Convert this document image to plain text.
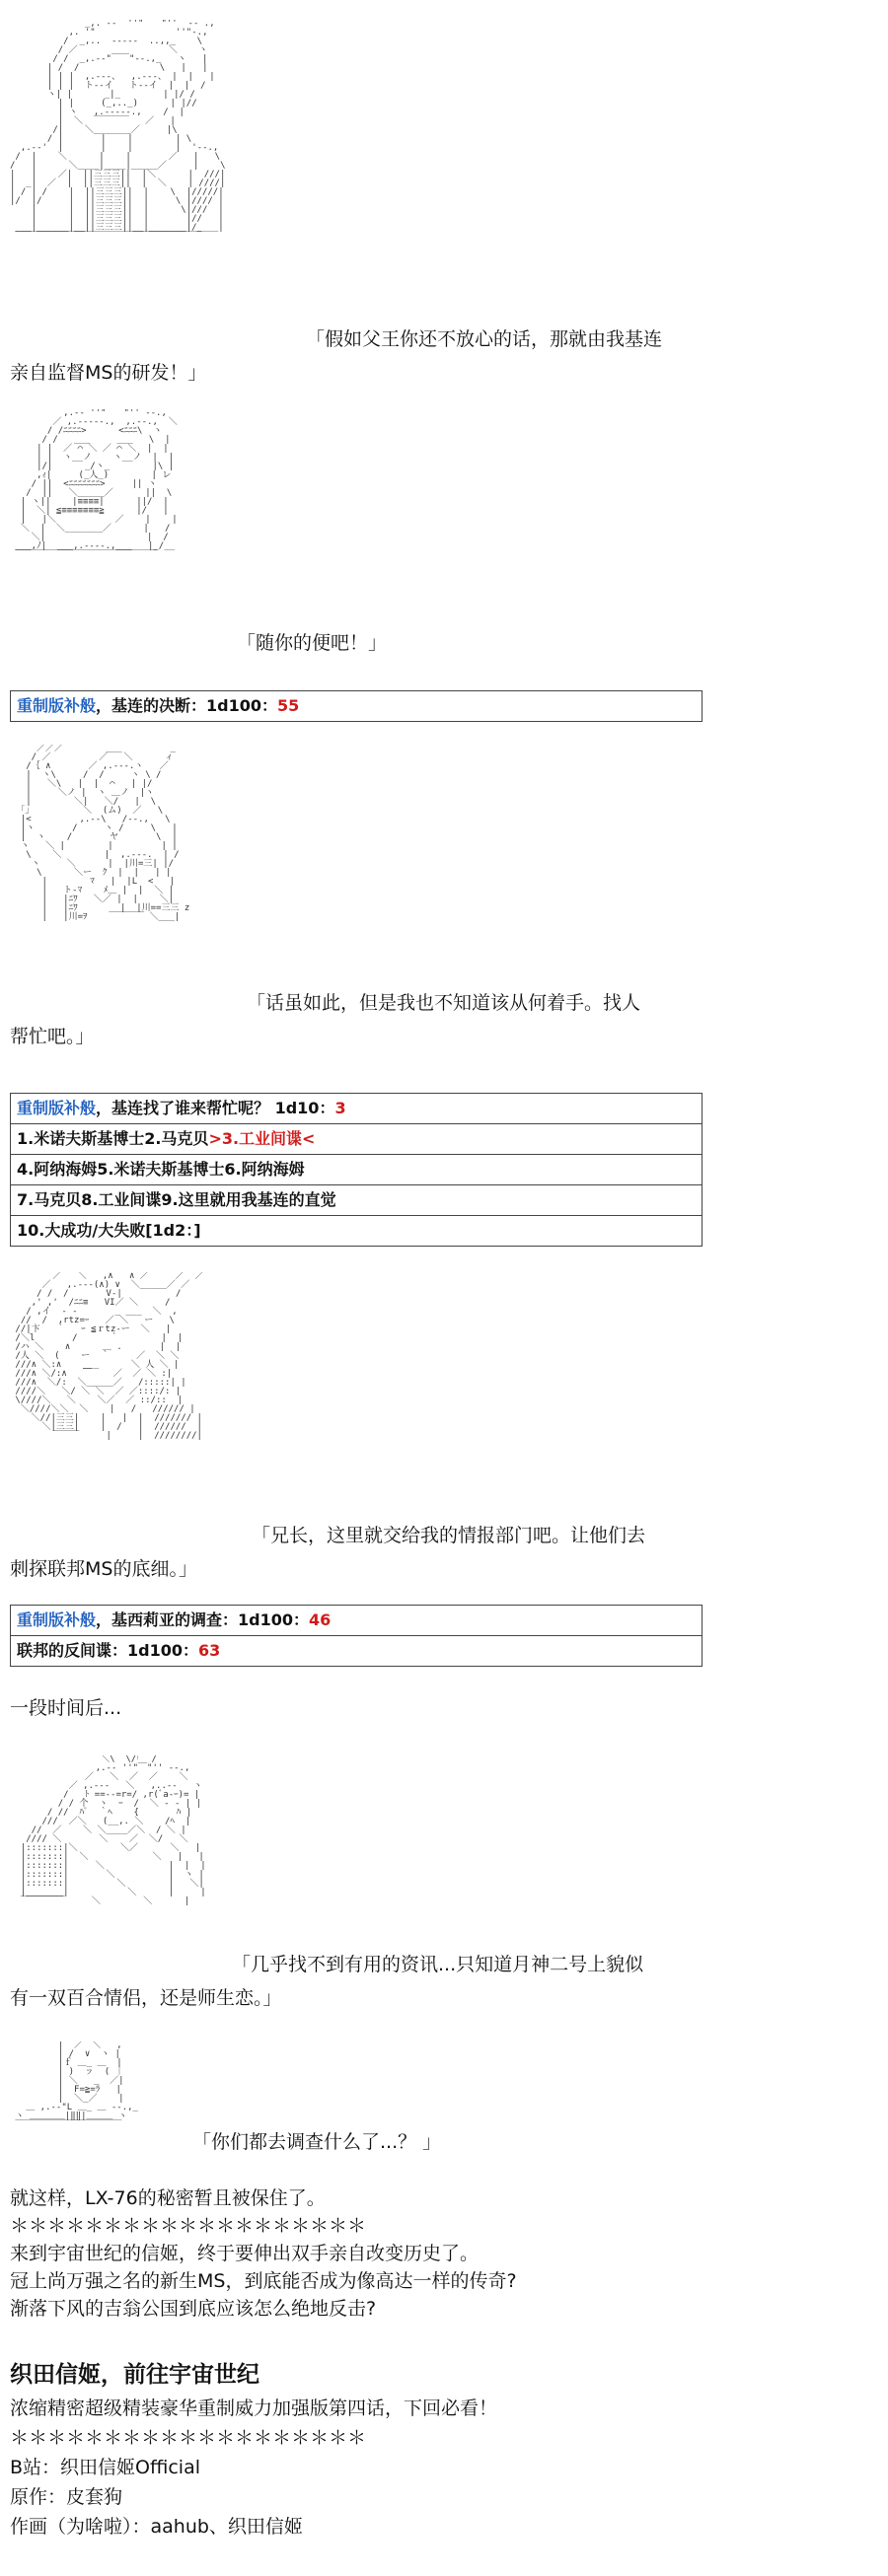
_,. -‐  ''"￣￣"''  ‐- .,
,. '"               ''"-.,
/  _,..  -‐‐‐-  ..,,_    \
/ ／                 ＼    ヽ
/ /  _,.-‐"￣￣"‐-.,_   ヽ   |
| /  /               \   |   |
| | |  ,.-‐-、  ,.-‐-、 |  |   |
| | |  ト--イ   ト--イ  |  |  /
ヽ| |      _|_        | |/ /
| |     (_,.._)      | |//
| ヽ   ,.-‐‐‐-.,    /  |
|  ＼  ￣￣￣￣   ／   |
/|    ＼_______／     |\
/ |       |    |        | \
,.-‐'  |       |    |        |  '‐-.,
/  |    ＼      |    |       ／   |   \
/   |      ＼____|____|_____／     |    \
|   |    ／|  ||三三三||  |＼      |  ///|
|  _|  ／  |  ||三三三||  |  ＼    | ////|
| / | /    |  ||三三三||  |    \  |/////|
|/  |/     |  ||三三三||  |     \ |//// |
|      |  ||三三三||  |      \|///  |
|      |  ||三三三||  |       |//   |
___|______|__||三三三||__|_______|/____|
￣￣￣￣￣￣￣￣￣￣￣￣￣￣￣￣￣￣￣￣￣

「假如父王你还不放心的话，那就由我基连
亲自监督MS的研发！」
,.-‐ ''"￣￣"'' ‐-.,
／ ,.-‐‐‐-.,  ,.-‐.,  ＼
/ /ﾆﾆﾆﾆ>      <ﾆﾆﾆ\  ヽ
/ /   ___     ___   \  |
| |  ／ ⌒ ＼ ／ ⌒ ＼  |  |
| |  ヽ__ノ    ヽ__ノ  |  |
|/|      _/ヽ_        |\ |
,ｨ|     (_人_)        | レ
/ ||  <ﾆﾆﾆﾆﾆﾆﾆ>     || ヽ
/  ||   ＼_____／      ||  \
| ヽ||    |≡≡≡≡|      ||/  |
|  ＼| ≦≡≡≡≡≡≡≡≧      |/   |
|   |＼           ／    |    |
＼  |  ＼_______／      |   /
＼|                   |  /
___,ﾉ|  ___,.-‐‐-.,___   |_/__
￣￣￣￣￣￣￣￣￣￣￣￣￣￣￣￣

「随你的便吧！」
重制版补般，基连的决断：1d100：55
／／／        ___         _
/ ／         ／   ＼      ィ
/｛ ∧       ／ ,.-‐-.ヽ   ／
|  ヽ\     /  /     ヽ \ /
|   ＼\   |  |  ⌒   | |/
|     ＼ノ |  ヽ ＿ノ  |ヽ
|        ＼|   ＼/   |  \
｢｣          ＼  (ム)  ／   \
|<         ,.-‐\   /‐-.,   \
|ヽ       /     ヽ /     \   |
|  ヽ    /       ヤ       \  |
ヽ   ＼ |        |         | |
\    ＼        |  ,.-‐-.  | /
ヽ     ＼      |  |川=三| |/
\      ＼ー  ｸ  |  |   | |
|        ﾏ   |  |L  <   |
|   ト‐ﾏ    ﾒ＿ |  |  ＼ |
|   |ﾆﾜ   ＼／ |  |    ＼|
|   |ﾆﾜ        |  |川==三三 z
|   |川=ｦ    ￣￣￣￣ ＼___|

「话虽如此，但是我也不知道该从何着手。找人
帮忙吧。」
重制版补般，基连找了谁来帮忙呢？ 1d10：3
1.米诺夫斯基博士2.马克贝>3.工业间谍<
4.阿纳海姆5.米诺夫斯基博士6.阿纳海姆
7.马克贝8.工业间谍9.这里就用我基连的直觉
10.大成功/大失败[1d2：]
／   ＼   ,∧   ∧ ／￣￣￣／  ／
／   ,.-‐-(∧) ∨  ＼_____／ ／
/ /  /       V-|          /
,' ,'  /ﾆﾆ≡   VI／ ＼     /
/ ,イ  - -       _ ___  ＼  ,
//  /  ,rtz=ｰ   ／ ＼   ー   \
//|卞   ｀   ｰ ≦ｒtz-ー  ＼   |
/＼l       /      ｀        |  |
/ハ ＼    ∧      ＿ .       |  |
/人 ＼  (    ー  ｀     ／  ＼ ＼
///∧ ＼:∧    ___      ＼ 人 ＼ |
///∧ ＼/:∧   ￣    ／  ／ ＼ :|
///∧  ＼/:  ＼_____／   /:::::| |
////＼   ＼/ ＼ ＼  ／ ／::::/: |
\////＼   ＼    ＼／  ／ ::/::  |
＼////＼＼  ＼    |   /   ////// |
＼//|三三|    |   |  |  /////// |
＼|三三|    |  /   |  //////  |
￣￣￣     |     |  ////////|

「兄长，这里就交给我的情报部门吧。让他们去
刺探联邦MS的底细。」
重制版补般，基西莉亚的调查：1d100：46
联邦的反间谍：1d100：63
一段时间后...
＼\  \/｢  /
,.-‐ ''"￣"'' ‐-.,
／   ＼  ／  ／    ＼
／ ,.-‐‐   ＼   ,..--   ヽ
/   ﾄ ==‐‐=r=/ ,r(ﾞa-ｰ)= |
/ / 个  ヽ  ｰ  /  ＼ ‐ ‐ | |
/ //  ﾊﾟ  ｀ﾍ    {       ﾊ |
///  ／＼   (__,. ＼    /ﾍ  |
//  ／    ＼ ＼____／＼  / ＼ |
//// ＼       ＼    ／  ＼/   ＼
|:::::::|＼        ＼／      ＼   |
|:::::::|  ＼            ＼   |   |
|:::::::|     ＼            |  |  |
|:::::::|       ＼          |  ヽ |
|:::::::|         ＼        |   ＼|
|_______|           ＼      |     |
￣￣￣￣￣     ＼        ＼      |

「几乎找不到有用的资讯...只知道月神二号上貌似
有一双百合情侣，还是师生恋。」
|  ／￣＼   ,
| /  ∨  ヽ |
|ｆ ＿_ ＿  |
| )  ㇷ  ( ｜
| ＼   _  ／|
|  F=≧=ﾗ   |
|  ＼_／    |
＿ ,.-‐"L ＿_ ＿ ‐-.,_
ヽ ＿＿＿＿|‖‖|＿＿＿ ヽ
￣￣￣￣￣￣￣￣￣￣￣￣

「你们都去调查什么了...？ 」
就这样，LX-76的秘密暂且被保住了。
＊＊＊＊＊＊＊＊＊＊＊＊＊＊＊＊＊＊＊
来到宇宙世纪的信姬，终于要伸出双手亲自改变历史了。
冠上尚万强之名的新生MS，到底能否成为像高达一样的传奇?
渐落下风的吉翁公国到底应该怎么绝地反击?
织田信姬，前往宇宙世纪
浓缩精密超级精装豪华重制威力加强版第四话，下回必看！
＊＊＊＊＊＊＊＊＊＊＊＊＊＊＊＊＊＊＊
B站：织田信姬Official
原作：皮套狗
作画（为啥啦）：aahub、织田信姬
